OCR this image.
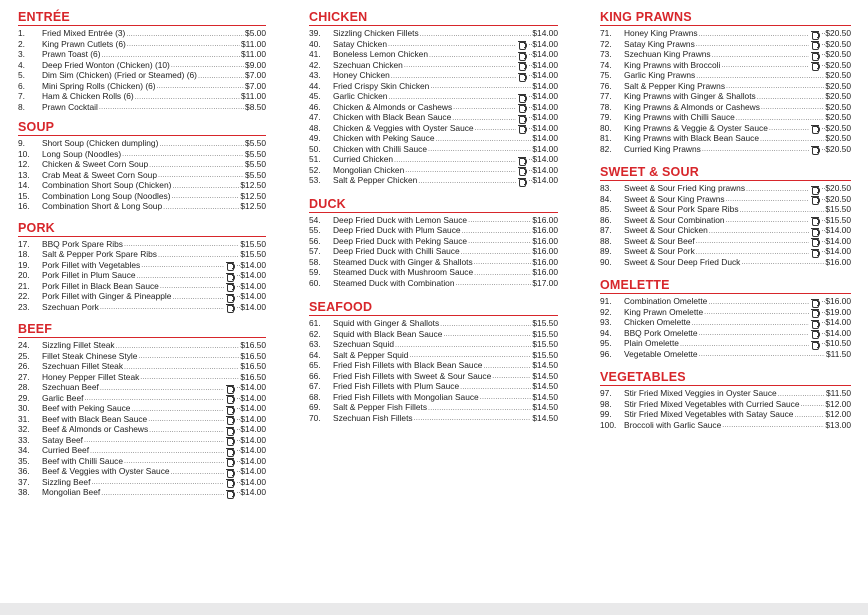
ENTRÉE
1.	Fried Mixed Entrée (3) .....	$5.00
2.	King Prawn Cutlets (6) .....	$11.00
3.	Prawn Toast (6) .....	$11.00
4.	Deep Fried Wonton (Chicken) (10) .....	$9.00
5.	Dim Sim (Chicken) (Fried or Steamed) (6) .....	$7.00
6.	Mini Spring Rolls (Chicken) (6) .....	$7.00
7.	Ham & Chicken Rolls (6) .....	$11.00
8.	Prawn Cocktail .....	$8.50
SOUP
9.	Short Soup (Chicken dumpling) .....	$5.50
10.	Long Soup (Noodles) .....	$5.50
12.	Chicken & Sweet Corn Soup .....	$5.50
13.	Crab Meat & Sweet Corn Soup .....	$5.50
14.	Combination Short Soup (Chicken) .....	$12.50
15.	Combination Long Soup (Noodles) .....	$12.50
16.	Combination Short & Long Soup .....	$12.50
PORK
17.	BBQ Pork Spare Ribs .....	$15.50
18.	Salt & Pepper Pork Spare Ribs .....	$15.50
19.	Pork Fillet with Vegetables .....	.. $14.00
20.	Pork Fillet in Plum Sauce .....	.. $14.00
21.	Pork Fillet in Black Bean Sauce .....	.. $14.00
22.	Pork Fillet with Ginger & Pineapple .....	.. $14.00
23.	Szechuan Pork .....	.. $14.00
BEEF
24.	Sizzling Fillet Steak .....	$16.50
25.	Fillet Steak Chinese Style .....	$16.50
26.	Szechuan Fillet Steak .....	$16.50
27.	Honey Pepper Fillet Steak .....	$16.50
28.	Szechuan Beef .....	.. $14.00
29.	Garlic Beef .....	.. $14.00
30.	Beef with Peking Sauce .....	.. $14.00
31.	Beef with Black Bean Sauce .....	.. $14.00
32.	Beef & Almonds or Cashews .....	.. $14.00
33.	Satay Beef .....	.. $14.00
34.	Curried Beef .....	.. $14.00
35.	Beef with Chilli Sauce .....	.. $14.00
36.	Beef & Veggies with Oyster Sauce .....	.. $14.00
37.	Sizzling Beef .....	.. $14.00
38.	Mongolian Beef .....	.. $14.00
CHICKEN
39.	Sizzling Chicken Fillets .....	$14.00
40.	Satay Chicken .....	.. $14.00
41.	Boneless Lemon Chicken .....	.. $14.00
42.	Szechuan Chicken .....	.. $14.00
43.	Honey Chicken .....	.. $14.00
44.	Fried Crispy Skin Chicken .....	$14.00
45.	Garlic Chicken .....	.. $14.00
46.	Chicken & Almonds or Cashews .....	.. $14.00
47.	Chicken with Black Bean Sauce .....	.. $14.00
48.	Chicken & Veggies with Oyster Sauce .....	.. $14.00
49.	Chicken with Peking Sauce .....	$14.00
50.	Chicken with Chilli Sauce .....	$14.00
51.	Curried Chicken .....	.. $14.00
52.	Mongolian Chicken .....	.. $14.00
53.	Salt & Pepper Chicken .....	.. $14.00
DUCK
54.	Deep Fried Duck with Lemon Sauce .....	$16.00
55.	Deep Fried Duck with Plum Sauce .....	$16.00
56.	Deep Fried Duck with Peking Sauce .....	$16.00
57.	Deep Fried Duck with Chilli Sauce .....	$16.00
58.	Steamed Duck with Ginger & Shallots .....	$16.00
59.	Steamed Duck with Mushroom Sauce .....	$16.00
60.	Steamed Duck with Combination .....	$17.00
SEAFOOD
61.	Squid with Ginger & Shallots .....	$15.50
62.	Squid with Black Bean Sauce .....	$15.50
63.	Szechuan Squid .....	$15.50
64.	Salt & Pepper Squid .....	$15.50
65.	Fried Fish Fillets with Black Bean Sauce .....	$14.50
66.	Fried Fish Fillets with Sweet & Sour Sauce .....	$14.50
67.	Fried Fish Fillets with Plum Sauce .....	$14.50
68.	Fried Fish Fillets with Mongolian Sauce .....	$14.50
69.	Salt & Pepper Fish Fillets .....	$14.50
70.	Szechuan Fish Fillets .....	$14.50
KING PRAWNS
71.	Honey King Prawns .....	.. $20.50
72.	Satay King Prawns .....	.. $20.50
73.	Szechuan King Prawns .....	.. $20.50
74.	King Prawns with Broccoli .....	.. $20.50
75.	Garlic King Prawns .....	$20.50
76.	Salt & Pepper King Prawns .....	$20.50
77.	King Prawns with Ginger & Shallots .....	$20.50
78.	King Prawns & Almonds or Cashews .....	$20.50
79.	King Prawns with Chilli Sauce .....	$20.50
80.	King Prawns & Veggie & Oyster Sauce .....	.. $20.50
81.	King Prawns with Black Bean Sauce .....	$20.50
82.	Curried King Prawns .....	.. $20.50
SWEET & SOUR
83.	Sweet & Sour Fried King prawns .....	.. $20.50
84.	Sweet & Sour King Prawns .....	.. $20.50
85.	Sweet & Sour Pork Spare Ribs .....	$15.50
86.	Sweet & Sour Combination .....	.. $15.50
87.	Sweet & Sour Chicken .....	.. $14.00
88.	Sweet & Sour Beef .....	.. $14.00
89.	Sweet & Sour Pork .....	.. $14.00
90.	Sweet & Sour Deep Fried Duck .....	$16.00
OMELETTE
91.	Combination Omelette .....	.. $16.00
92.	King Prawn Omelette .....	.. $19.00
93.	Chicken Omelette .....	.. $14.00
94.	BBQ Pork Omelette .....	.. $14.00
95.	Plain Omelette .....	.. $10.50
96.	Vegetable Omelette .....	$11.50
VEGETABLES
97.	Stir Fried Mixed Veggies in Oyster Sauce .....	$11.50
98.	Stir Fried Mixed Vegetables with Curried Sauce .....	$12.00
99.	Stir Fried Mixed Vegetables with Satay Sauce .....	$12.00
100. Broccoli with Garlic Sauce .....	$13.00
